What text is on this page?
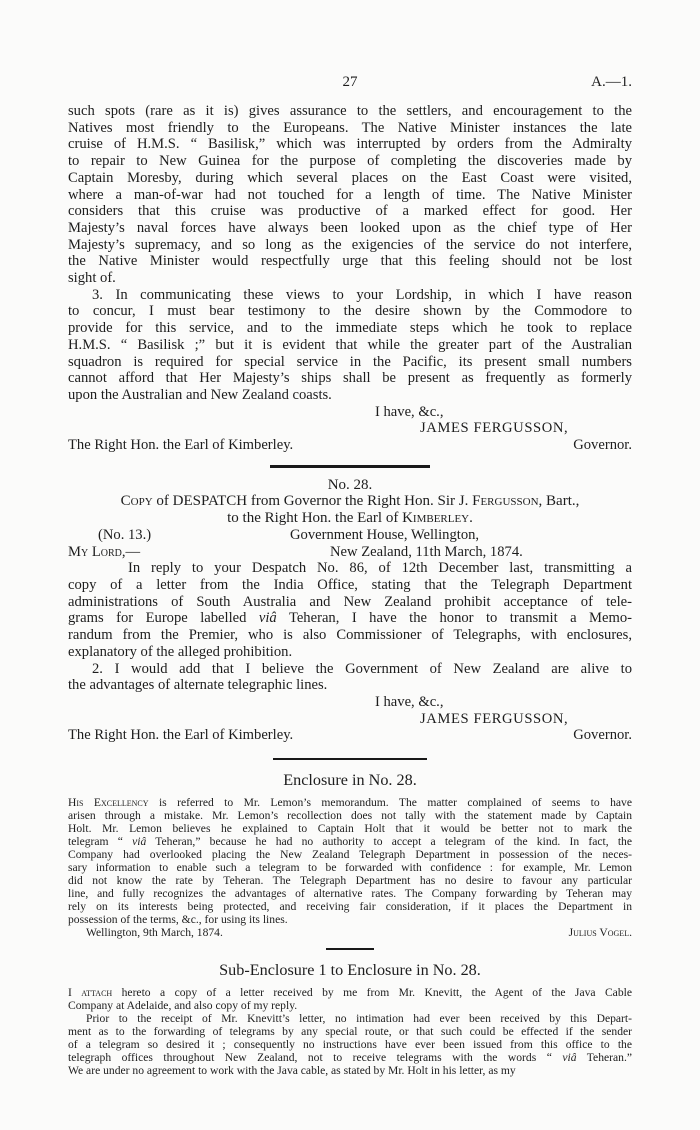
27	A.—1.
such spots (rare as it is) gives assurance to the settlers, and encouragement to the
Natives most friendly to the Europeans. The Native Minister instances the late
cruise of H.M.S. “ Basilisk,” which was interrupted by orders from the Admiralty
to repair to New Guinea for the purpose of completing the discoveries made by
Captain Moresby, during which several places on the East Coast were visited,
where a man-of-war had not touched for a length of time. The Native Minister
considers that this cruise was productive of a marked effect for good. Her
Majesty’s naval forces have always been looked upon as the chief type of Her
Majesty’s supremacy, and so long as the exigencies of the service do not interfere,
the Native Minister would respectfully urge that this feeling should not be lost
sight of.
3. In communicating these views to your Lordship, in which I have reason
to concur, I must bear testimony to the desire shown by the Commodore to
provide for this service, and to the immediate steps which he took to replace
H.M.S. “ Basilisk ;” but it is evident that while the greater part of the Australian
squadron is required for special service in the Pacific, its present small numbers
cannot afford that Her Majesty’s ships shall be present as frequently as formerly
upon the Australian and New Zealand coasts.
I have, &c.,
JAMES FERGUSSON,
The Right Hon. the Earl of Kimberley.	Governor.
No. 28.
Copy of DESPATCH from Governor the Right Hon. Sir J. Fergusson, Bart.,
to the Right Hon. the Earl of Kimberley.
(No. 13.)	Government House, Wellington,
My Lord,—	New Zealand, 11th March, 1874.
In reply to your Despatch No. 86, of 12th December last, transmitting a
copy of a letter from the India Office, stating that the Telegraph Department
administrations of South Australia and New Zealand prohibit acceptance of tele-
grams for Europe labelled viâ Teheran, I have the honor to transmit a Memo-
randum from the Premier, who is also Commissioner of Telegraphs, with enclosures,
explanatory of the alleged prohibition.
2. I would add that I believe the Government of New Zealand are alive to
the advantages of alternate telegraphic lines.
I have, &c.,
JAMES FERGUSSON,
The Right Hon. the Earl of Kimberley.	Governor.
Enclosure in No. 28.
His Excellency is referred to Mr. Lemon’s memorandum. The matter complained of seems to have
arisen through a mistake. Mr. Lemon’s recollection does not tally with the statement made by Captain
Holt. Mr. Lemon believes he explained to Captain Holt that it would be better not to mark the
telegram “ viâ Teheran,” because he had no authority to accept a telegram of the kind. In fact, the
Company had overlooked placing the New Zealand Telegraph Department in possession of the neces-
sary information to enable such a telegram to be forwarded with confidence : for example, Mr. Lemon
did not know the rate by Teheran. The Telegraph Department has no desire to favour any particular
line, and fully recognizes the advantages of alternative rates. The Company forwarding by Teheran may
rely on its interests being protected, and receiving fair consideration, if it places the Department in
possession of the terms, &c., for using its lines.
Wellington, 9th March, 1874.	Julius Vogel.
Sub-Enclosure 1 to Enclosure in No. 28.
I attach hereto a copy of a letter received by me from Mr. Knevitt, the Agent of the Java Cable
Company at Adelaide, and also copy of my reply.
Prior to the receipt of Mr. Knevitt’s letter, no intimation had ever been received by this Depart-
ment as to the forwarding of telegrams by any special route, or that such could be effected if the sender
of a telegram so desired it ; consequently no instructions have ever been issued from this office to the
telegraph offices throughout New Zealand, not to receive telegrams with the words “ viâ Teheran.”
We are under no agreement to work with the Java cable, as stated by Mr. Holt in his letter, as my
